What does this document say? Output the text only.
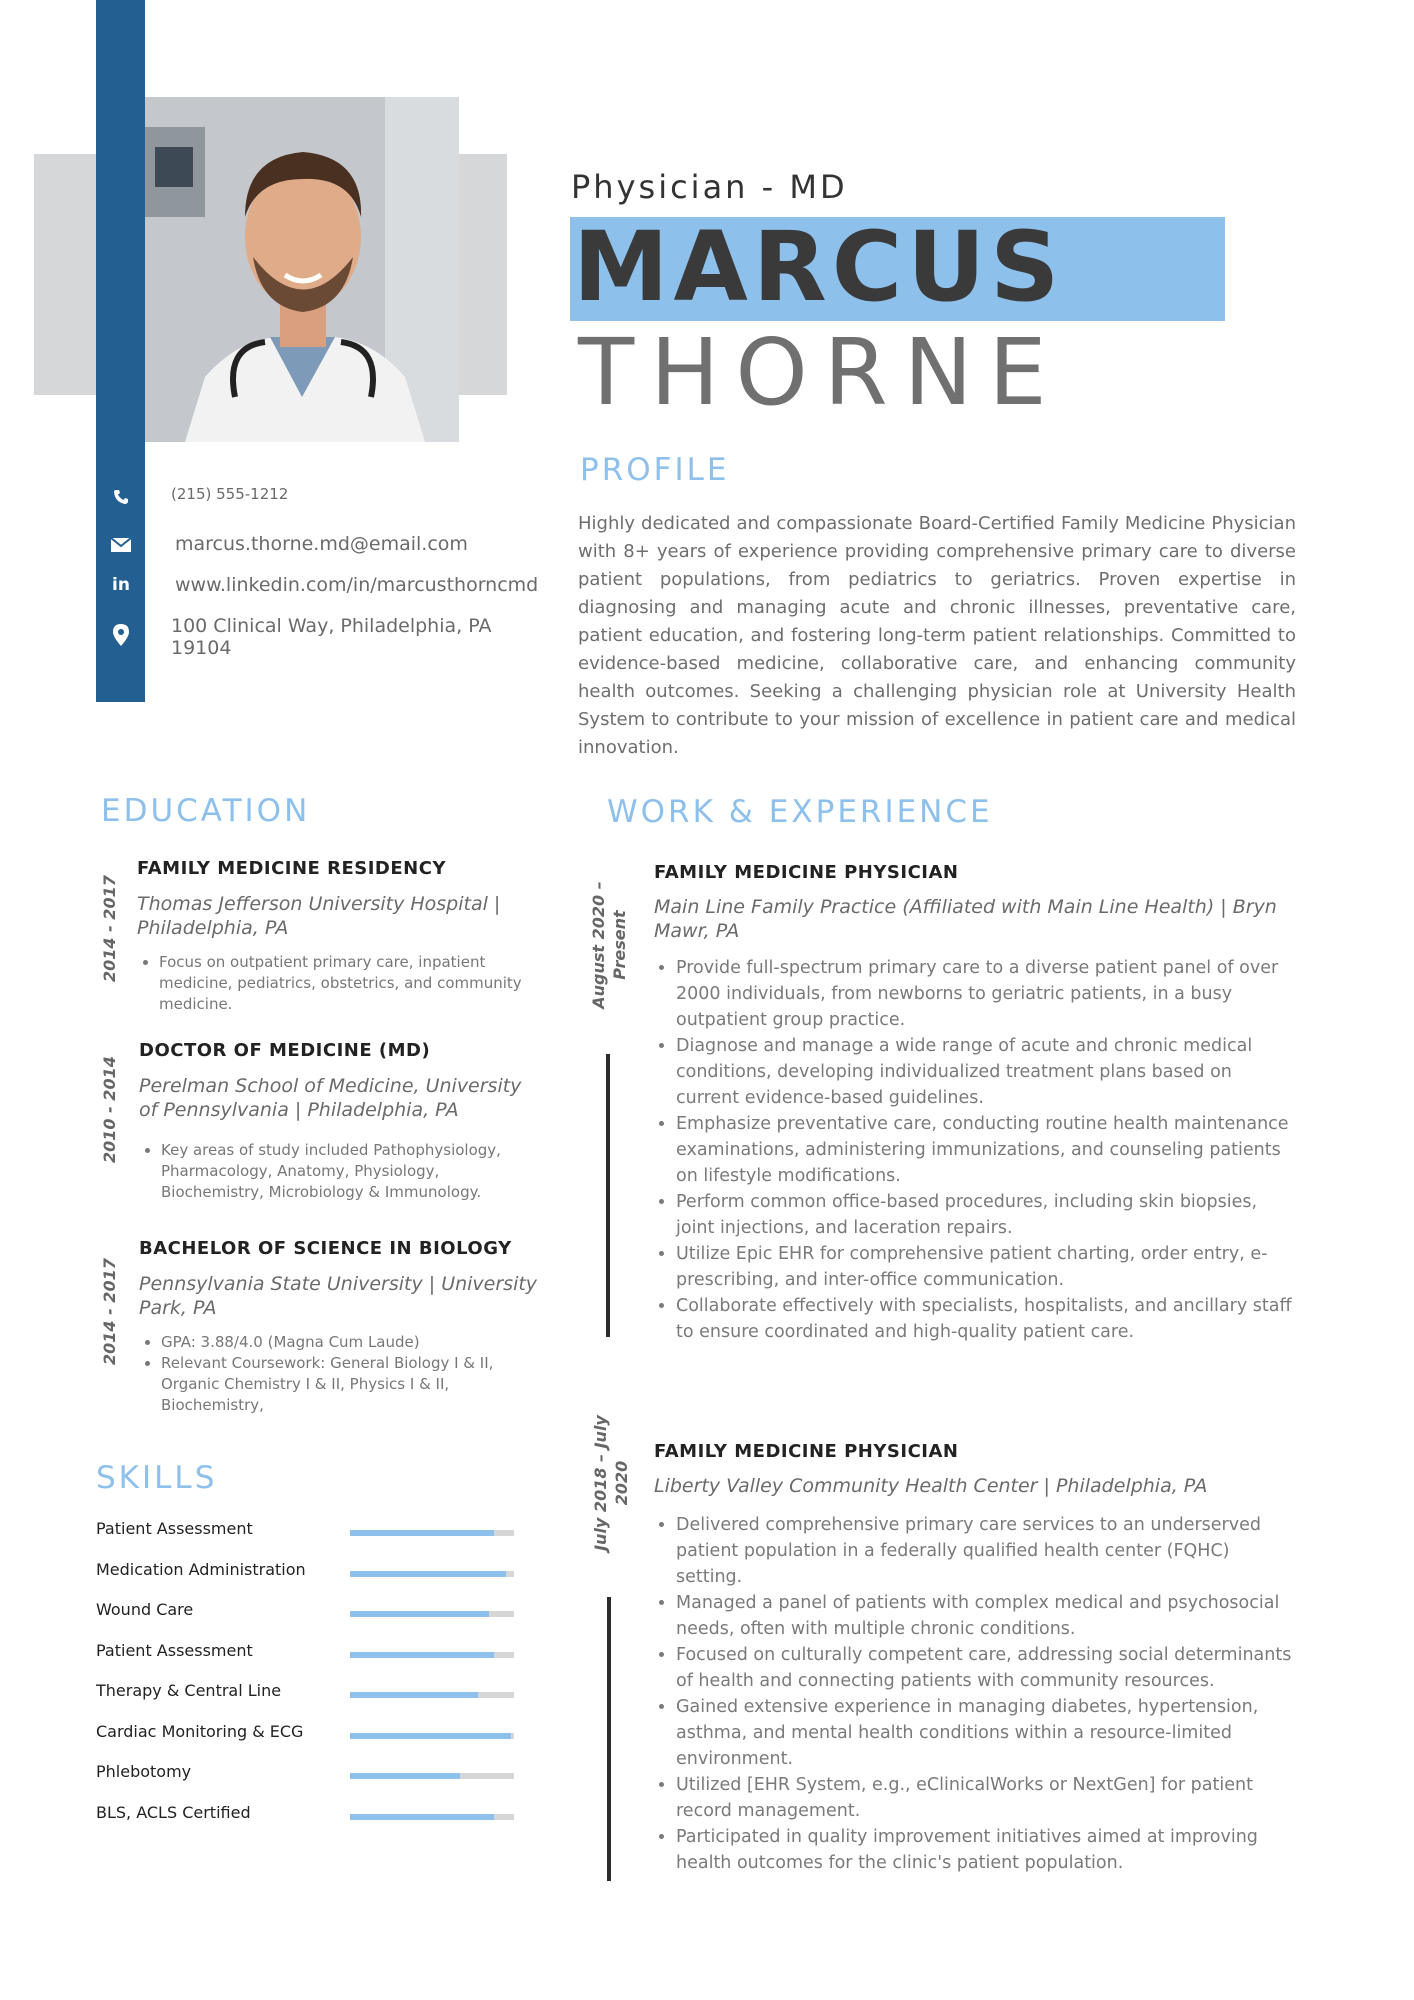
Physician - MD
MARCUS
THORNE
(215) 555-1212
marcus.thorne.md@email.com
in	www.linkedin.com/in/marcusthorncmd
100 Clinical Way, Philadelphia, PA
19104
PROFILE
Highly dedicated and compassionate Board-Certified Family Medicine Physician with 8+ years of experience providing comprehensive primary care to diverse patient populations, from pediatrics to geriatrics. Proven expertise in diagnosing and managing acute and chronic illnesses, preventative care, patient education, and fostering long-term patient relationships. Committed to evidence-based medicine, collaborative care, and enhancing community health outcomes. Seeking a challenging physician role at University Health System to contribute to your mission of excellence in patient care and medical innovation.
EDUCATION
2014 - 2017
FAMILY MEDICINE RESIDENCY
Thomas Jefferson University Hospital | Philadelphia, PA
• Focus on outpatient primary care, inpatient medicine, pediatrics, obstetrics, and community medicine.
2010 - 2014
DOCTOR OF MEDICINE (MD)
Perelman School of Medicine, University of Pennsylvania | Philadelphia, PA
• Key areas of study included Pathophysiology, Pharmacology, Anatomy, Physiology, Biochemistry, Microbiology & Immunology.
2014 - 2017
BACHELOR OF SCIENCE IN BIOLOGY
Pennsylvania State University | University Park, PA
• GPA: 3.88/4.0 (Magna Cum Laude)
• Relevant Coursework: General Biology I & II, Organic Chemistry I & II, Physics I & II, Biochemistry,
SKILLS
Patient Assessment
Medication Administration
Wound Care
Patient Assessment
Therapy & Central Line
Cardiac Monitoring & ECG
Phlebotomy
BLS, ACLS Certified
WORK & EXPERIENCE
August 2020 – Present
FAMILY MEDICINE PHYSICIAN
Main Line Family Practice (Affiliated with Main Line Health) | Bryn Mawr, PA
• Provide full-spectrum primary care to a diverse patient panel of over 2000 individuals, from newborns to geriatric patients, in a busy outpatient group practice.
• Diagnose and manage a wide range of acute and chronic medical conditions, developing individualized treatment plans based on current evidence-based guidelines.
• Emphasize preventative care, conducting routine health maintenance examinations, administering immunizations, and counseling patients on lifestyle modifications.
• Perform common office-based procedures, including skin biopsies, joint injections, and laceration repairs.
• Utilize Epic EHR for comprehensive patient charting, order entry, e-prescribing, and inter-office communication.
• Collaborate effectively with specialists, hospitalists, and ancillary staff to ensure coordinated and high-quality patient care.
July 2018 – July 2020
FAMILY MEDICINE PHYSICIAN
Liberty Valley Community Health Center | Philadelphia, PA
• Delivered comprehensive primary care services to an underserved patient population in a federally qualified health center (FQHC) setting.
• Managed a panel of patients with complex medical and psychosocial needs, often with multiple chronic conditions.
• Focused on culturally competent care, addressing social determinants of health and connecting patients with community resources.
• Gained extensive experience in managing diabetes, hypertension, asthma, and mental health conditions within a resource-limited environment.
• Utilized [EHR System, e.g., eClinicalWorks or NextGen] for patient record management.
• Participated in quality improvement initiatives aimed at improving health outcomes for the clinic's patient population.
